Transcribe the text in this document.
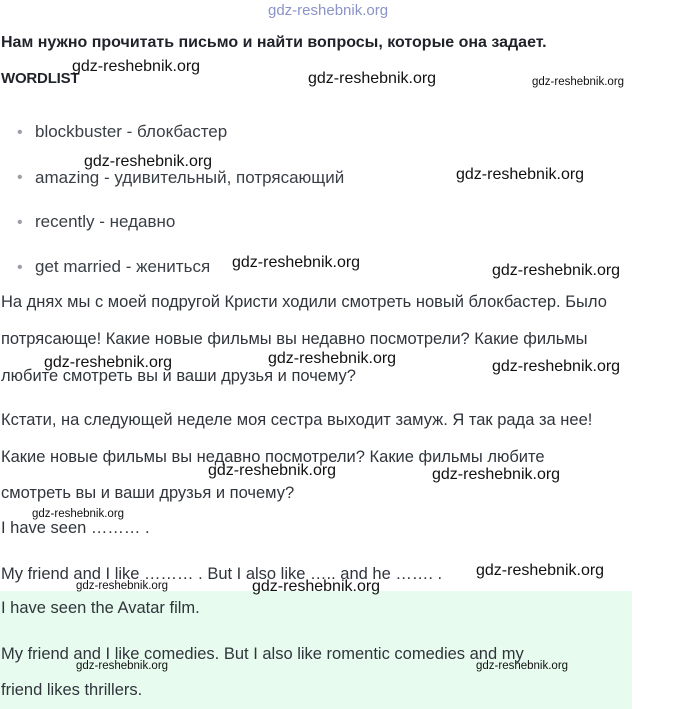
gdz-reshebnik.org
Нам нужно прочитать письмо и найти вопросы, которые она задает.
WORDLIST
• blockbuster - блокбастер
• amazing - удивительный, потрясающий
• recently - недавно
• get married - жениться
На днях мы с моей подругой Кристи ходили смотреть новый блокбастер. Было
потрясающе! Какие новые фильмы вы недавно посмотрели? Какие фильмы
любите смотреть вы и ваши друзья и почему?
Кстати, на следующей неделе моя сестра выходит замуж. Я так рада за нее!
Какие новые фильмы вы недавно посмотрели? Какие фильмы любите
смотреть вы и ваши друзья и почему?
I have seen ……… .
My friend and I like ……… . But I also like ….. and he ……. .
I have seen the Avatar film.
My friend and I like comedies. But I also like romentic comedies and my
friend likes thrillers.
gdz-reshebnik.org
gdz-reshebnik.org	gdz-reshebnik.org
gdz-reshebnik.org
gdz-reshebnik.org
gdz-reshebnik.org	gdz-reshebnik.org
gdz-reshebnik.org
gdz-reshebnik.org	gdz-reshebnik.org
gdz-reshebnik.org	gdz-reshebnik.org
gdz-reshebnik.org
gdz-reshebnik.org
gdz-reshebnik.org	gdz-reshebnik.org
gdz-reshebnik.org	gdz-reshebnik.org
